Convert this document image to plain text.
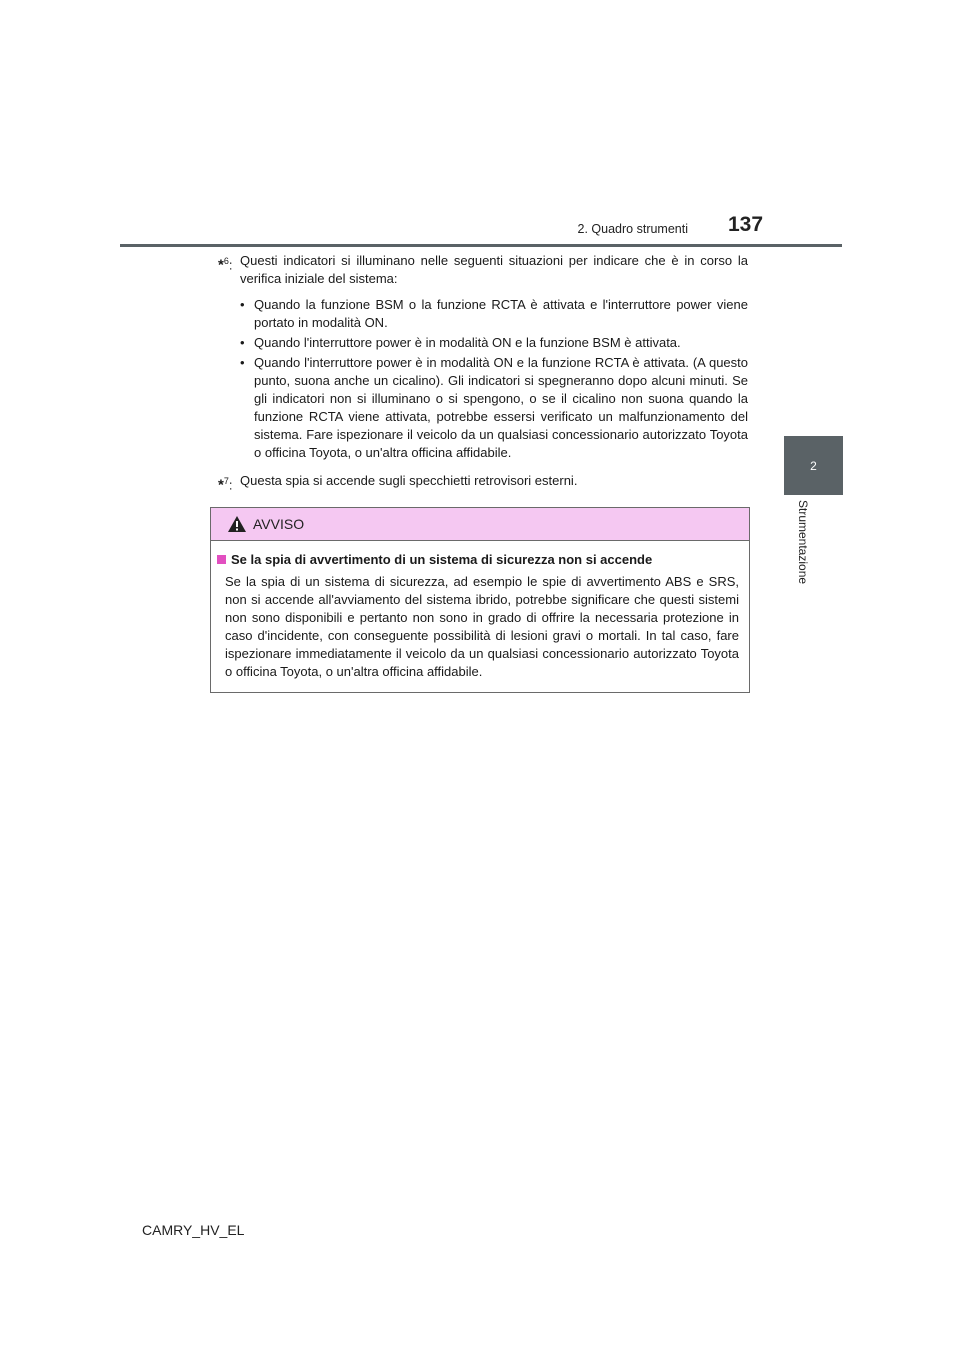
2. Quadro strumenti 137
2
Strumentazione
*$^6$: Questi indicatori si illuminano nelle seguenti situazioni per indicare che è in corso la verifica iniziale del sistema:
• Quando la funzione BSM o la funzione RCTA è attivata e l'interruttore power viene portato in modalità ON.
• Quando l'interruttore power è in modalità ON e la funzione BSM è attivata.
• Quando l'interruttore power è in modalità ON e la funzione RCTA è attivata. (A questo punto, suona anche un cicalino). Gli indicatori si spegneranno dopo alcuni minuti. Se gli indicatori non si illuminano o si spengono, o se il cicalino non suona quando la funzione RCTA viene attivata, potrebbe essersi verificato un malfunzionamento del sistema. Fare ispezionare il veicolo da un qualsiasi concessionario autorizzato Toyota o officina Toyota, o un'altra officina affidabile.
*$^7$: Questa spia si accende sugli specchietti retrovisori esterni.
AVVISO
Se la spia di avvertimento di un sistema di sicurezza non si accende
Se la spia di un sistema di sicurezza, ad esempio le spie di avvertimento ABS e SRS, non si accende all'avviamento del sistema ibrido, potrebbe significare che questi sistemi non sono disponibili e pertanto non sono in grado di offrire la necessaria protezione in caso d'incidente, con conseguente possibilità di lesioni gravi o mortali. In tal caso, fare ispezionare immediatamente il veicolo da un qualsiasi concessionario autorizzato Toyota o officina Toyota, o un'altra officina affidabile.
CAMRY_HV_EL
